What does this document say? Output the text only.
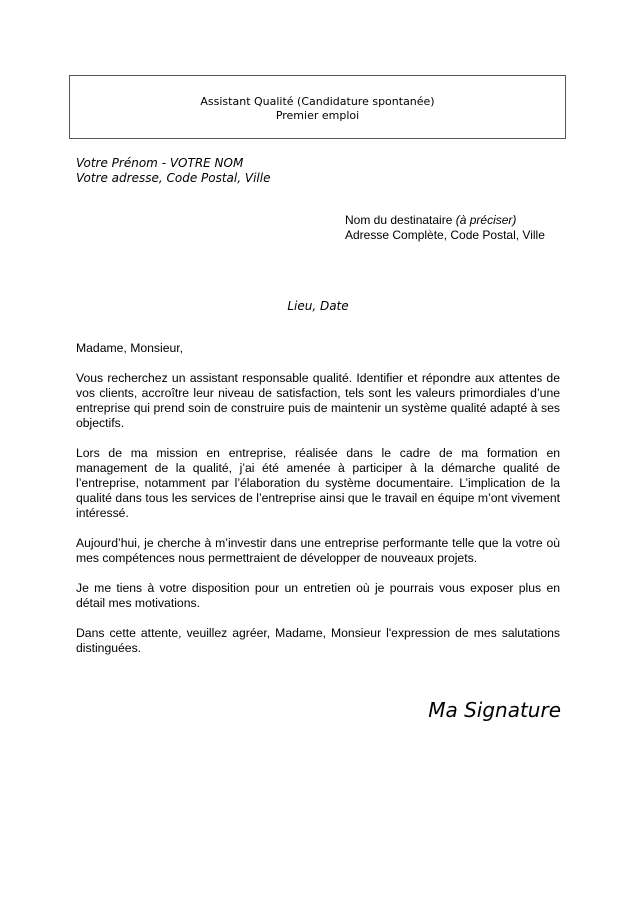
Assistant Qualité (Candidature spontanée)
Premier emploi
Votre Prénom - VOTRE NOM
Votre adresse, Code Postal, Ville
Nom du destinataire (à préciser)
Adresse Complète, Code Postal, Ville
Lieu, Date

Madame, Monsieur,

Vous recherchez un assistant responsable qualité. Identifier et répondre aux attentes de vos clients, accroître leur niveau de satisfaction, tels sont les valeurs primordiales d’une entreprise qui prend soin de construire puis de maintenir un système qualité adapté à ses objectifs.

Lors de ma mission en entreprise, réalisée dans le cadre de ma formation en management de la qualité, j’ai été amenée à participer à la démarche qualité de l’entreprise, notamment par l’élaboration du système documentaire. L’implication de la qualité dans tous les services de l’entreprise ainsi que le travail en équipe m’ont vivement intéressé.

Aujourd’hui, je cherche à m’investir dans une entreprise performante telle que la votre où mes compétences nous permettraient de développer de nouveaux projets.

Je me tiens à votre disposition pour un entretien où je pourrais vous exposer plus en détail mes motivations.

Dans cette attente, veuillez agréer, Madame, Monsieur l'expression de mes salutations distinguées.

Ma Signature
